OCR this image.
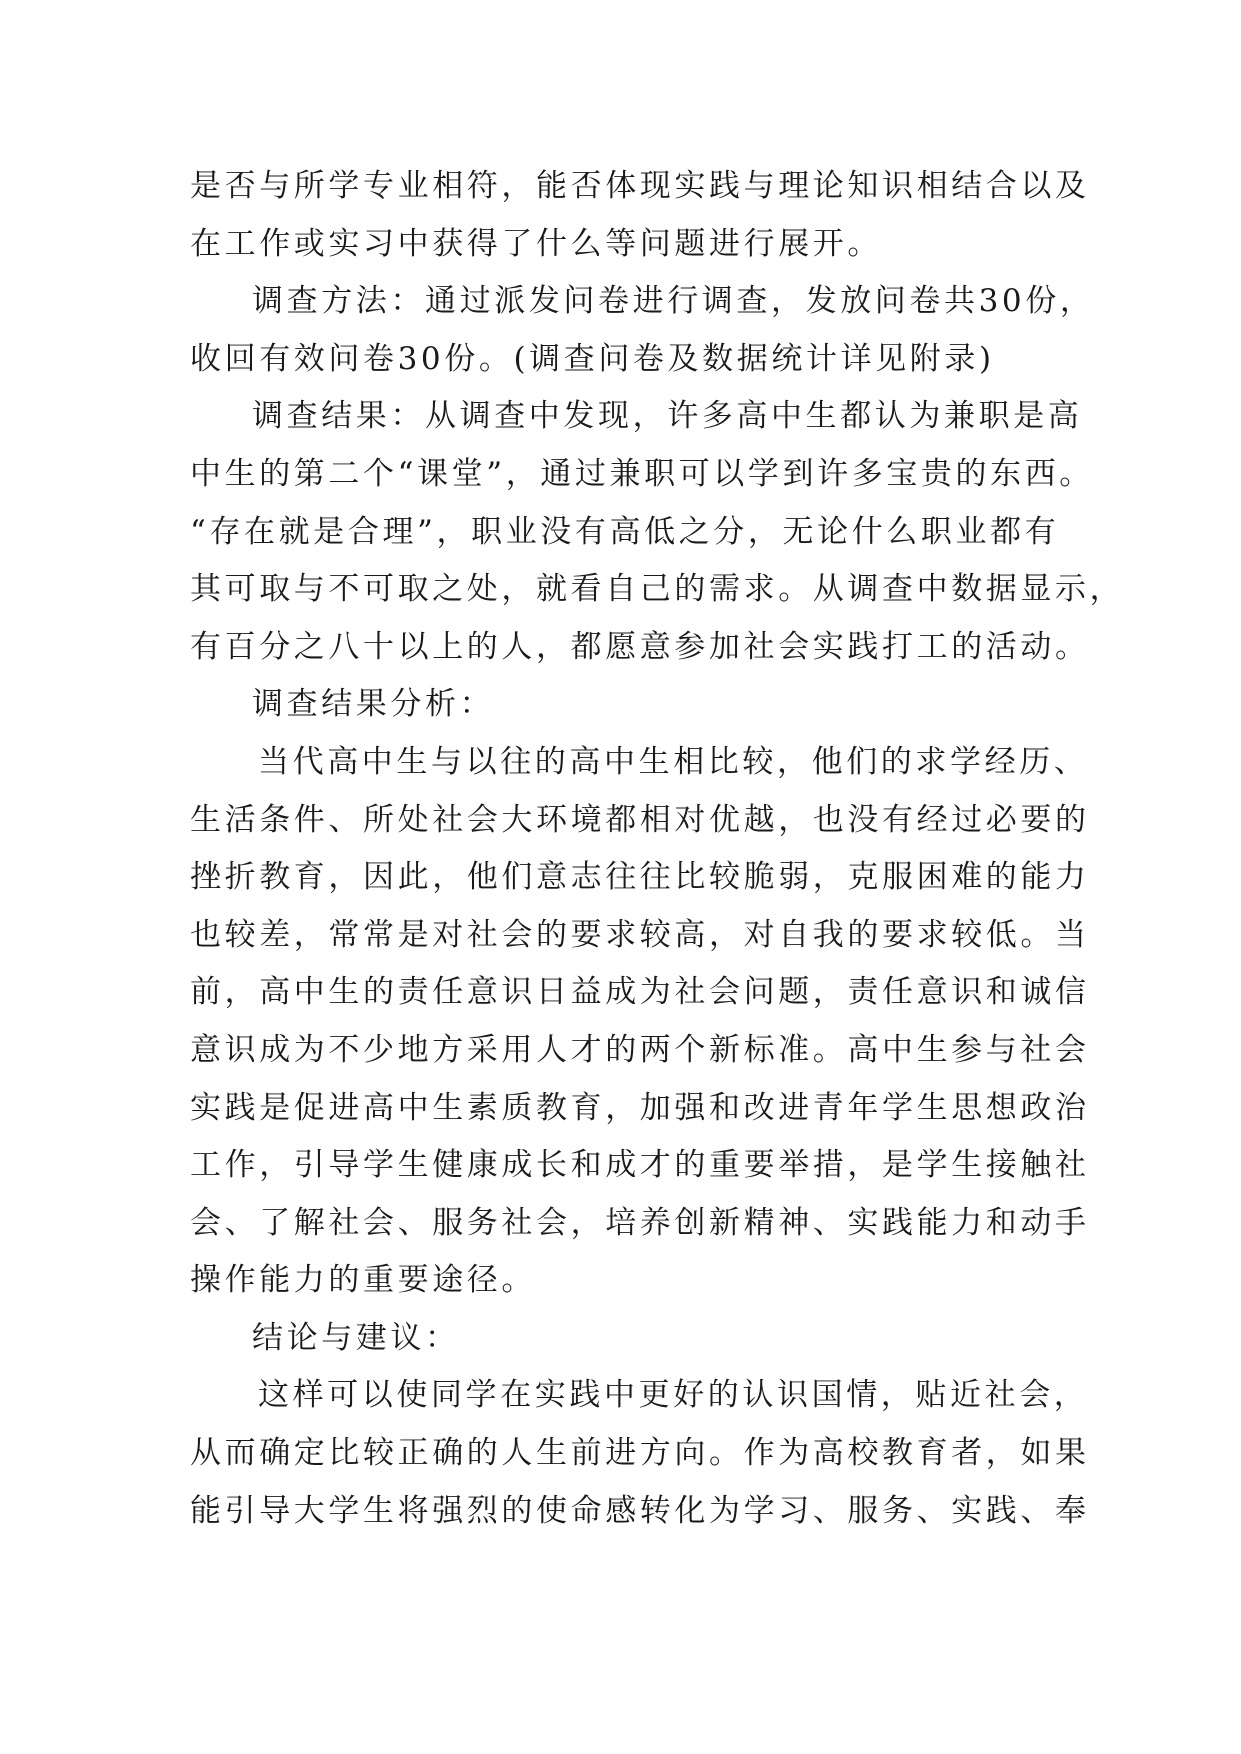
是否与所学专业相符，能否体现实践与理论知识相结合以及
在工作或实习中获得了什么等问题进行展开。
调查方法：通过派发问卷进行调查，发放问卷共30份，
收回有效问卷30份。(调查问卷及数据统计详见附录)
调查结果：从调查中发现，许多高中生都认为兼职是高
中生的第二个“课堂”，通过兼职可以学到许多宝贵的东西。
“存在就是合理”，职业没有高低之分，无论什么职业都有
其可取与不可取之处，就看自己的需求。从调查中数据显示，
有百分之八十以上的人，都愿意参加社会实践打工的活动。
调查结果分析：
当代高中生与以往的高中生相比较，他们的求学经历、
生活条件、所处社会大环境都相对优越，也没有经过必要的
挫折教育，因此，他们意志往往比较脆弱，克服困难的能力
也较差，常常是对社会的要求较高，对自我的要求较低。当
前，高中生的责任意识日益成为社会问题，责任意识和诚信
意识成为不少地方采用人才的两个新标准。高中生参与社会
实践是促进高中生素质教育，加强和改进青年学生思想政治
工作，引导学生健康成长和成才的重要举措，是学生接触社
会、了解社会、服务社会，培养创新精神、实践能力和动手
操作能力的重要途径。
结论与建议：
这样可以使同学在实践中更好的认识国情，贴近社会，
从而确定比较正确的人生前进方向。作为高校教育者，如果
能引导大学生将强烈的使命感转化为学习、服务、实践、奉
